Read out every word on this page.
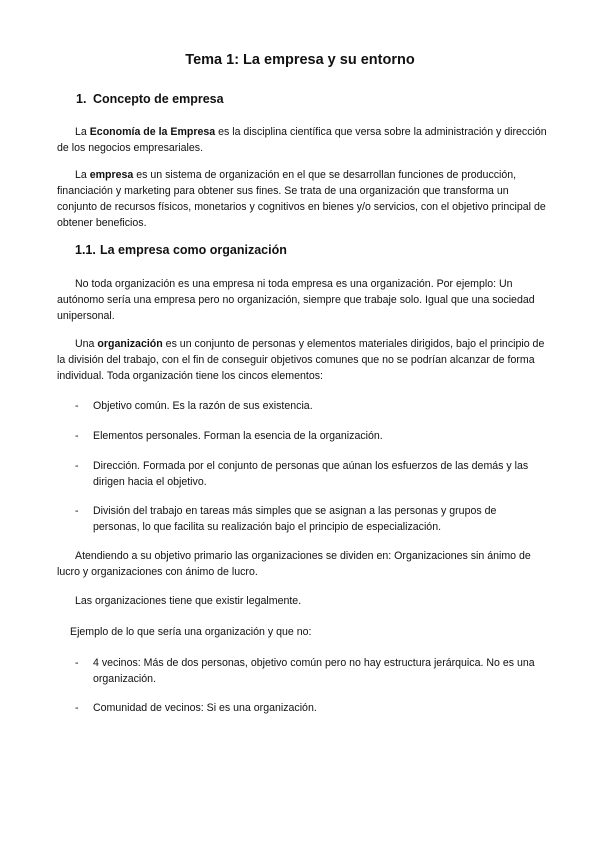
Tema 1: La empresa y su entorno
1. Concepto de empresa

La Economía de la Empresa es la disciplina científica que versa sobre la administración y dirección de los negocios empresariales.

La empresa es un sistema de organización en el que se desarrollan funciones de producción, financiación y marketing para obtener sus fines. Se trata de una organización que transforma un conjunto de recursos físicos, monetarios y cognitivos en bienes y/o servicios, con el objetivo principal de obtener beneficios.

1.1. La empresa como organización

No toda organización es una empresa ni toda empresa es una organización. Por ejemplo: Un autónomo sería una empresa pero no organización, siempre que trabaje solo. Igual que una sociedad unipersonal.

Una organización es un conjunto de personas y elementos materiales dirigidos, bajo el principio de la división del trabajo, con el fin de conseguir objetivos comunes que no se podrían alcanzar de forma individual. Toda organización tiene los cincos elementos:

- Objetivo común. Es la razón de sus existencia.
- Elementos personales. Forman la esencia de la organización.
- Dirección. Formada por el conjunto de personas que aúnan los esfuerzos de las demás y las dirigen hacia el objetivo.
- División del trabajo en tareas más simples que se asignan a las personas y grupos de personas, lo que facilita su realización bajo el principio de especialización.

Atendiendo a su objetivo primario las organizaciones se dividen en: Organizaciones sin ánimo de lucro y organizaciones con ánimo de lucro.

Las organizaciones tiene que existir legalmente.

Ejemplo de lo que sería una organización y que no:

- 4 vecinos: Más de dos personas, objetivo común pero no hay estructura jerárquica. No es una organización.
- Comunidad de vecinos: Si es una organización.
